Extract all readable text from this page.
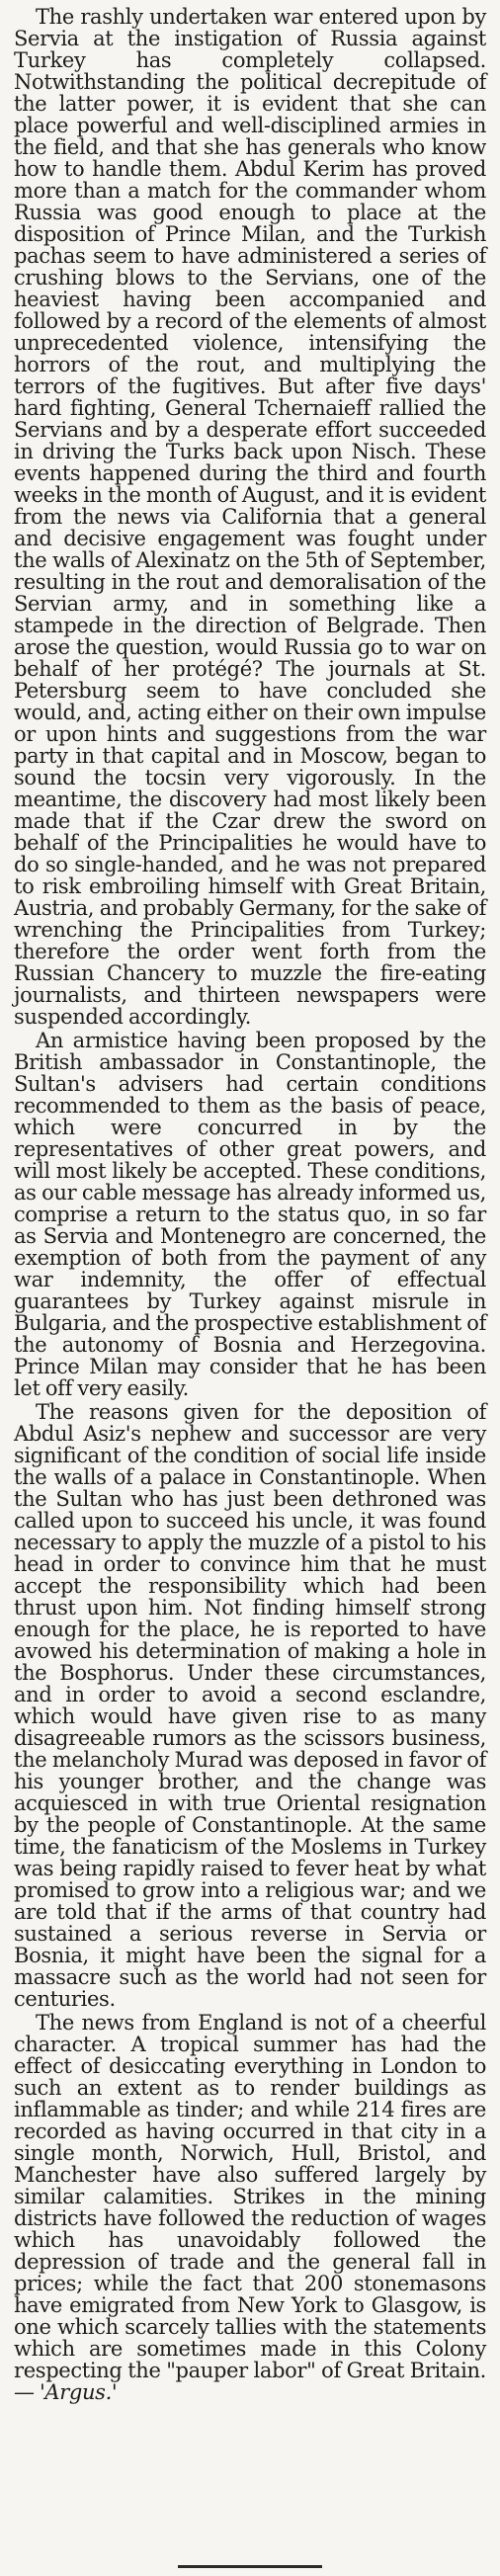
The rashly undertaken war entered upon by Servia at the instigation of Russia against Turkey has completely collapsed. Notwithstanding the political decrepitude of the latter power, it is evident that she can place powerful and well-disciplined armies in the field, and that she has generals who know how to handle them. Abdul Kerim has proved more than a match for the commander whom Russia was good enough to place at the disposition of Prince Milan, and the Turkish pachas seem to have administered a series of crushing blows to the Servians, one of the heaviest having been accompanied and followed by a record of the elements of almost unprecedented violence, intensifying the horrors of the rout, and multiplying the terrors of the fugitives. But after five days' hard fighting, General Tchernaieff rallied the Servians and by a desperate effort succeeded in driving the Turks back upon Nisch. These events happened during the third and fourth weeks in the month of August, and it is evident from the news via California that a general and decisive engagement was fought under the walls of Alexinatz on the 5th of September, resulting in the rout and demoralisation of the Servian army, and in something like a stampede in the direction of Belgrade. Then arose the question, would Russia go to war on behalf of her protégé? The journals at St. Petersburg seem to have concluded she would, and, acting either on their own impulse or upon hints and suggestions from the war party in that capital and in Moscow, began to sound the tocsin very vigorously. In the meantime, the discovery had most likely been made that if the Czar drew the sword on behalf of the Principalities he would have to do so single-handed, and he was not prepared to risk embroiling himself with Great Britain, Austria, and probably Germany, for the sake of wrenching the Principalities from Turkey; therefore the order went forth from the Russian Chancery to muzzle the fire-eating journalists, and thirteen newspapers were suspended accordingly.

An armistice having been proposed by the British ambassador in Constantinople, the Sultan's advisers had certain conditions recommended to them as the basis of peace, which were concurred in by the representatives of other great powers, and will most likely be accepted. These conditions, as our cable message has already informed us, comprise a return to the status quo, in so far as Servia and Montenegro are concerned, the exemption of both from the payment of any war indemnity, the offer of effectual guarantees by Turkey against misrule in Bulgaria, and the prospective establishment of the autonomy of Bosnia and Herzegovina. Prince Milan may consider that he has been let off very easily.

The reasons given for the deposition of Abdul Asiz's nephew and successor are very significant of the condition of social life inside the walls of a palace in Constantinople. When the Sultan who has just been dethroned was called upon to succeed his uncle, it was found necessary to apply the muzzle of a pistol to his head in order to convince him that he must accept the responsibility which had been thrust upon him. Not finding himself strong enough for the place, he is reported to have avowed his determination of making a hole in the Bosphorus. Under these circumstances, and in order to avoid a second esclandre, which would have given rise to as many disagreeable rumors as the scissors business, the melancholy Murad was deposed in favor of his younger brother, and the change was acquiesced in with true Oriental resignation by the people of Constantinople. At the same time, the fanaticism of the Moslems in Turkey was being rapidly raised to fever heat by what promised to grow into a religious war; and we are told that if the arms of that country had sustained a serious reverse in Servia or Bosnia, it might have been the signal for a massacre such as the world had not seen for centuries.

The news from England is not of a cheerful character. A tropical summer has had the effect of desiccating everything in London to such an extent as to render buildings as inflammable as tinder; and while 214 fires are recorded as having occurred in that city in a single month, Norwich, Hull, Bristol, and Manchester have also suffered largely by similar calamities. Strikes in the mining districts have followed the reduction of wages which has unavoidably followed the depression of trade and the general fall in prices; while the fact that 200 stonemasons have emigrated from New York to Glasgow, is one which scarcely tallies with the statements which are sometimes made in this Colony respecting the "pauper labor" of Great Britain. — 'Argus.'
